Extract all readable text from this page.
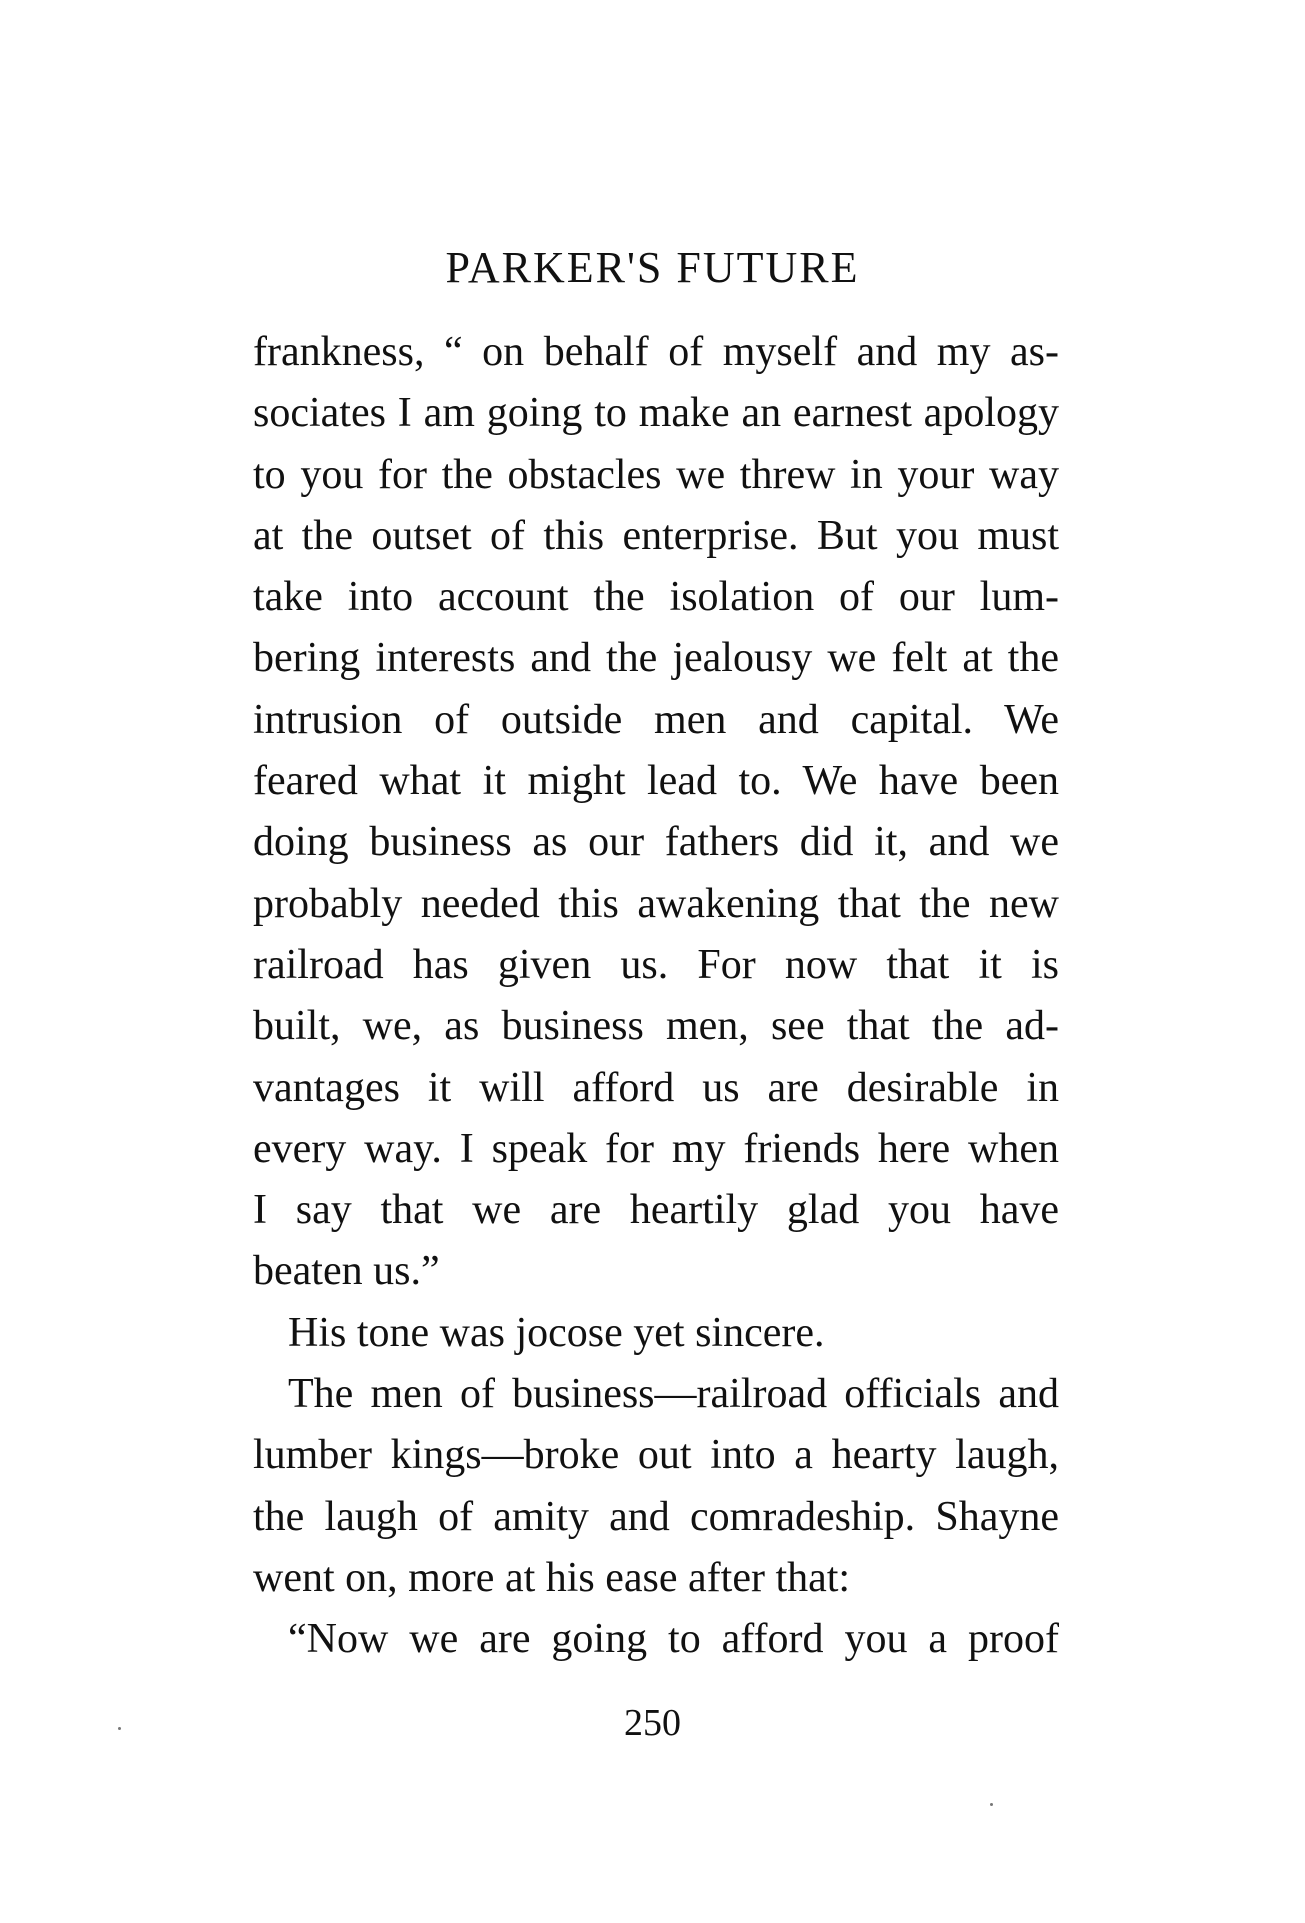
PARKER'S FUTURE
frankness, “ on behalf of myself and my as-
sociates I am going to make an earnest apology
to you for the obstacles we threw in your way
at the outset of this enterprise. But you must
take into account the isolation of our lum-
bering interests and the jealousy we felt at the
intrusion of outside men and capital. We
feared what it might lead to. We have been
doing business as our fathers did it, and we
probably needed this awakening that the new
railroad has given us. For now that it is
built, we, as business men, see that the ad-
vantages it will afford us are desirable in
every way. I speak for my friends here when
I say that we are heartily glad you have
beaten us.”
His tone was jocose yet sincere.
The men of business—railroad officials and
lumber kings—broke out into a hearty laugh,
the laugh of amity and comradeship. Shayne
went on, more at his ease after that:
“Now we are going to afford you a proof
250
